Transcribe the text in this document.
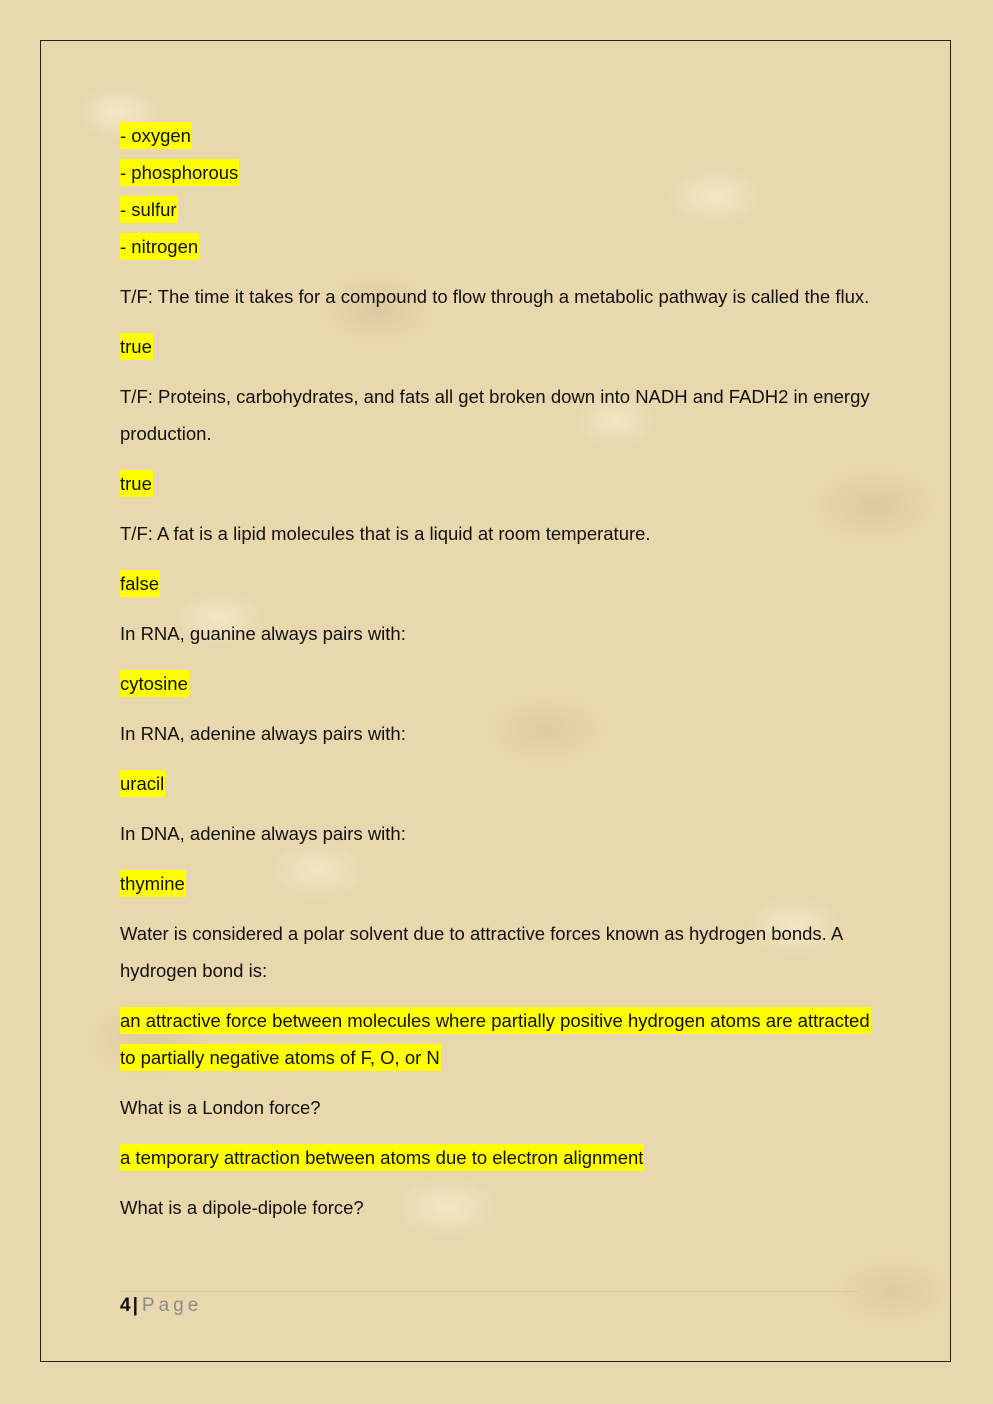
- oxygen

- phosphorous

- sulfur

- nitrogen

T/F: The time it takes for a compound to flow through a metabolic pathway is called the flux.

true

T/F: Proteins, carbohydrates, and fats all get broken down into NADH and FADH2 in energy production.

true

T/F: A fat is a lipid molecules that is a liquid at room temperature.

false

In RNA, guanine always pairs with:

cytosine

In RNA, adenine always pairs with:

uracil

In DNA, adenine always pairs with:

thymine

Water is considered a polar solvent due to attractive forces known as hydrogen bonds. A hydrogen bond is:

an attractive force between molecules where partially positive hydrogen atoms are attracted to partially negative atoms of F, O, or N

What is a London force?

a temporary attraction between atoms due to electron alignment

What is a dipole-dipole force?

4 | Page
